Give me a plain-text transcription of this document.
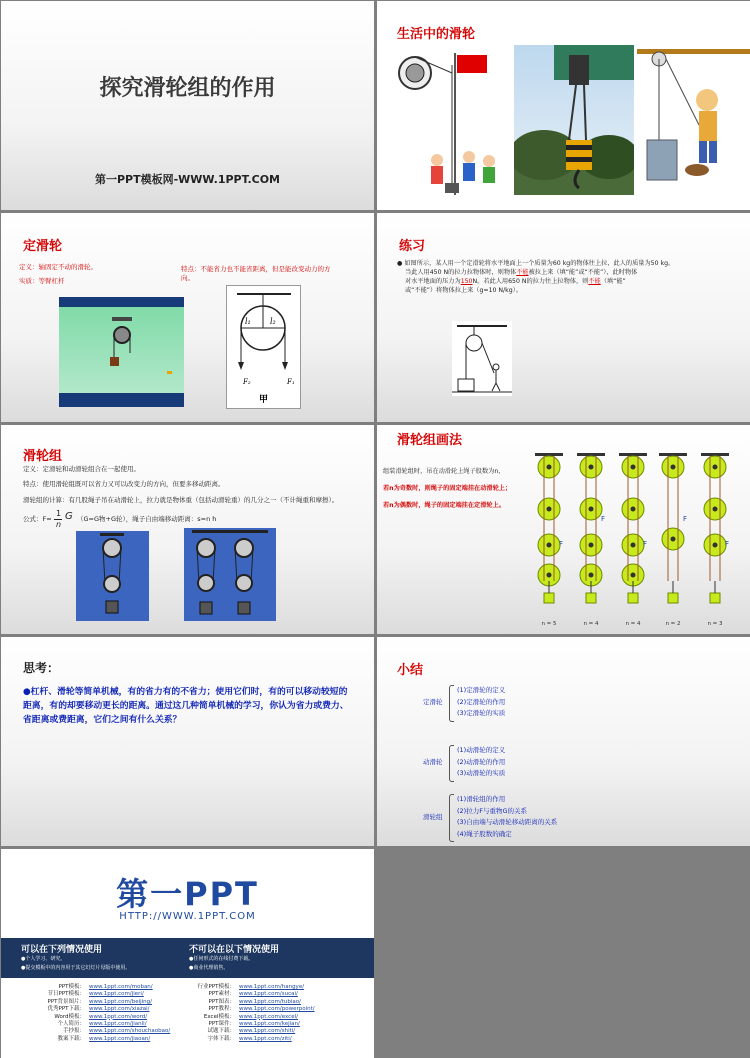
探究滑轮组的作用
第一PPT模板网-WWW.1PPT.COM
生活中的滑轮
定滑轮
定义：轴固定不动的滑轮。
实质：等臂杠杆
特点：不能省力也不能省距离，但是能改变动力的方向。
l₁ l₂
F₂	F₁
甲
练习
● 如图所示，某人用一个定滑轮将水平地面上一个质量为60 kg的物体往上拉，此人的质量为50 kg。
当此人用450 N的拉力拉物体时，则物体不能被拉上来（填“能”或“不能”），此时物体
对水平地面的压力为150N。若此人用650 N的拉力往上拉物体，则不能（填“能”
或“不能”）将物体拉上来（g=10 N/kg）。
滑轮组
定义：定滑轮和动滑轮组合在一起使用。
特点：使用滑轮组既可以省力又可以改变力的方向，但要多移动距离。
滑轮组的计算：有几股绳子吊在动滑轮上，拉力就是物体重（包括动滑轮重）的几分之一（不计绳重和摩擦）。
公式：F=
1
n
G （G=G物+G轮），绳子自由端移动距离：s=n h
滑轮组画法
组装滑轮组时，吊在动滑轮上绳子股数为n，
若n为奇数时，则绳子的固定端挂在动滑轮上；
若n为偶数时，绳子的固定端挂在定滑轮上。
F
n = 5
F
n = 4
F
n = 4
F
n = 2
F
n = 3
思考：
●杠杆、滑轮等简单机械，有的省力有的不省力；使用它们时，有的可以移动较短的距离，有的却要移动更长的距离。通过这几种简单机械的学习，你认为省力或费力、省距离或费距离，它们之间有什么关系？
小结
定滑轮
(1)定滑轮的定义
(2)定滑轮的作用
(3)定滑轮的实质
动滑轮
(1)动滑轮的定义
(2)动滑轮的作用
(3)动滑轮的实质
滑轮组
(1)滑轮组的作用
(2)拉力F与重物G的关系
(3)自由端与动滑轮移动距离的关系
(4)绳子股数的确定
第一PPT
HTTP://WWW.1PPT.COM
可以在下列情况使用
●个人学习、研究。
●提交模板中的内容用于其它幻灯片母版中使用。
不可以在以下情况使用
●任何形式的在线付费下载。
●商业代理销售。
PPT模板： www.1ppt.com/moban/
节日PPT模板： www.1ppt.com/jieri/
PPT背景图片： www.1ppt.com/beijing/
优秀PPT下载： www.1ppt.com/xiazai/
Word模板： www.1ppt.com/word/
个人简历： www.1ppt.com/jianli/
手抄报： www.1ppt.com/shouchaobao/
教案下载： www.1ppt.com/jiaoan/
行业PPT模板： www.1ppt.com/hangye/
PPT素材： www.1ppt.com/sucai/
PPT图表： www.1ppt.com/tubiao/
PPT教程： www.1ppt.com/powerpoint/
Excel模板： www.1ppt.com/excel/
PPT课件： www.1ppt.com/kejian/
试题下载： www.1ppt.com/shiti/
字体下载： www.1ppt.com/ziti/
